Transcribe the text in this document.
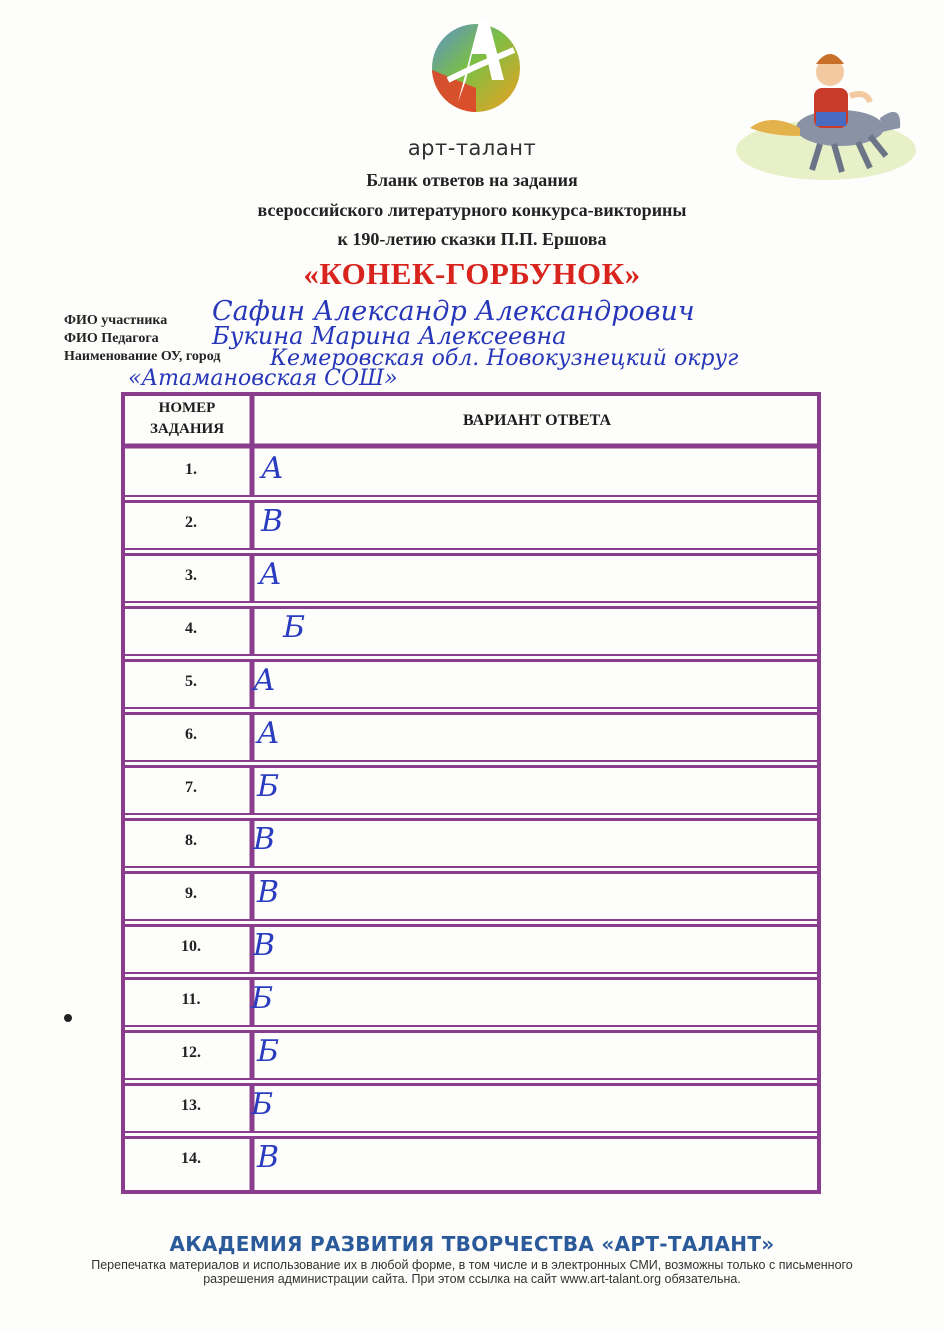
арт-талант
Бланк ответов на задания
всероссийского литературного конкурса-викторины
к 190-летию сказки П.П. Ершова
«КОНЕК-ГОРБУНОК»
ФИО участника Сафин Александр Александрович
ФИО Педагога Букина Марина Алексеевна
Наименование ОУ, город Кемеровская обл. Новокузнецкий округ
«Атамановская СОШ»
НОМЕР
ЗАДАНИЯ	ВАРИАНТ ОТВЕТА
1.	А
2.	В
3.	А
4.	Б
5.	А
6.	А
7.	Б
8.	В
9.	В
10.	В
11.	Б
12.	Б
13.	Б
14.	В
АКАДЕМИЯ РАЗВИТИЯ ТВОРЧЕСТВА «АРТ-ТАЛАНТ»
Перепечатка материалов и использование их в любой форме, в том числе и в электронных СМИ, возможны только с письменного разрешения администрации сайта. При этом ссылка на сайт www.art-talant.org обязательна.
